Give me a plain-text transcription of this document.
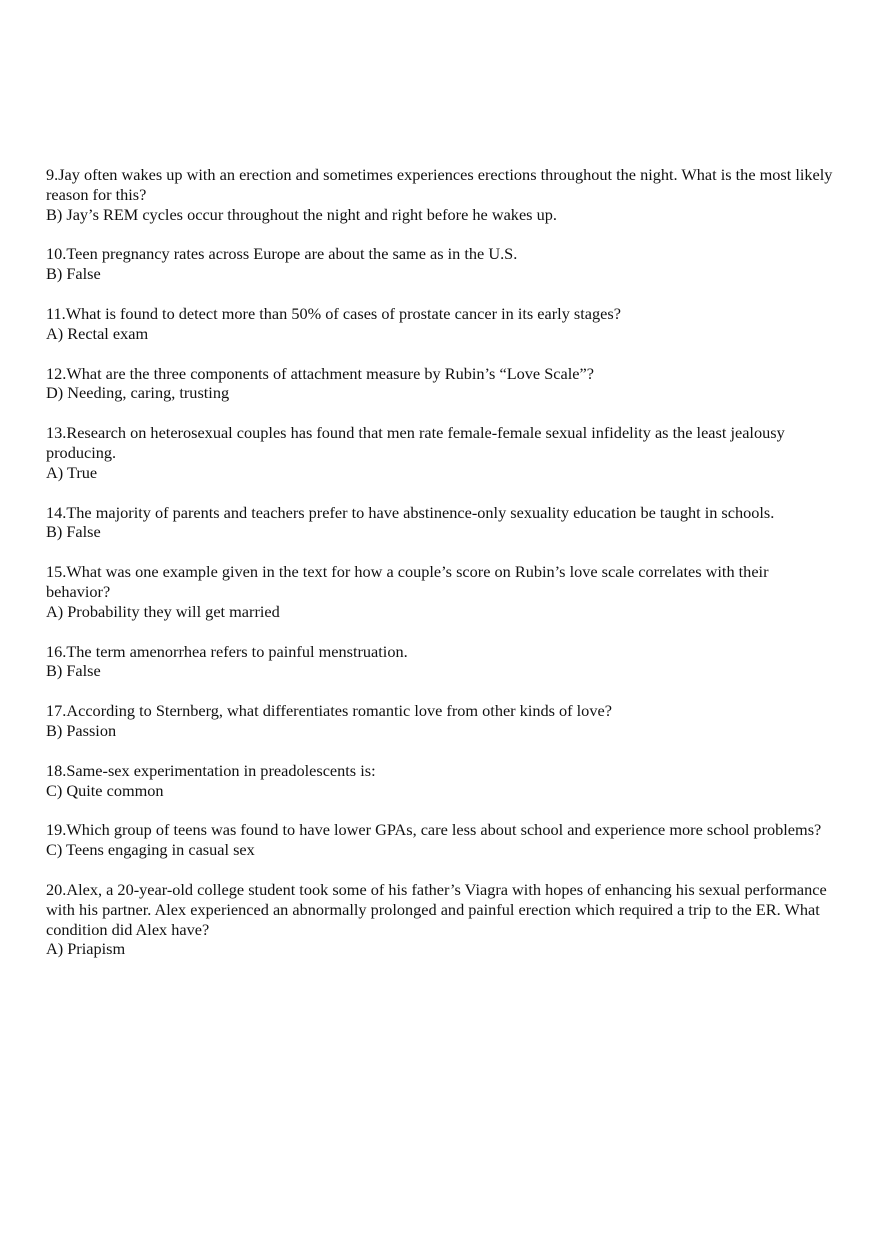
9.Jay often wakes up with an erection and sometimes experiences erections throughout the night. What is the most likely reason for this?

B) Jay’s REM cycles occur throughout the night and right before he wakes up.

10.Teen pregnancy rates across Europe are about the same as in the U.S.

B) False

11.What is found to detect more than 50% of cases of prostate cancer in its early stages?

A) Rectal exam

12.What are the three components of attachment measure by Rubin’s “Love Scale”?

D) Needing, caring, trusting

13.Research on heterosexual couples has found that men rate female-female sexual infidelity as the least jealousy producing.

A) True

14.The majority of parents and teachers prefer to have abstinence-only sexuality education be taught in schools.

B) False

15.What was one example given in the text for how a couple’s score on Rubin’s love scale correlates with their behavior?

A) Probability they will get married

16.The term amenorrhea refers to painful menstruation.

B) False

17.According to Sternberg, what differentiates romantic love from other kinds of love?

B) Passion

18.Same-sex experimentation in preadolescents is:

C) Quite common

19.Which group of teens was found to have lower GPAs, care less about school and experience more school problems?

C) Teens engaging in casual sex

20.Alex, a 20-year-old college student took some of his father’s Viagra with hopes of enhancing his sexual performance with his partner. Alex experienced an abnormally prolonged and painful erection which required a trip to the ER. What condition did Alex have?

A) Priapism
